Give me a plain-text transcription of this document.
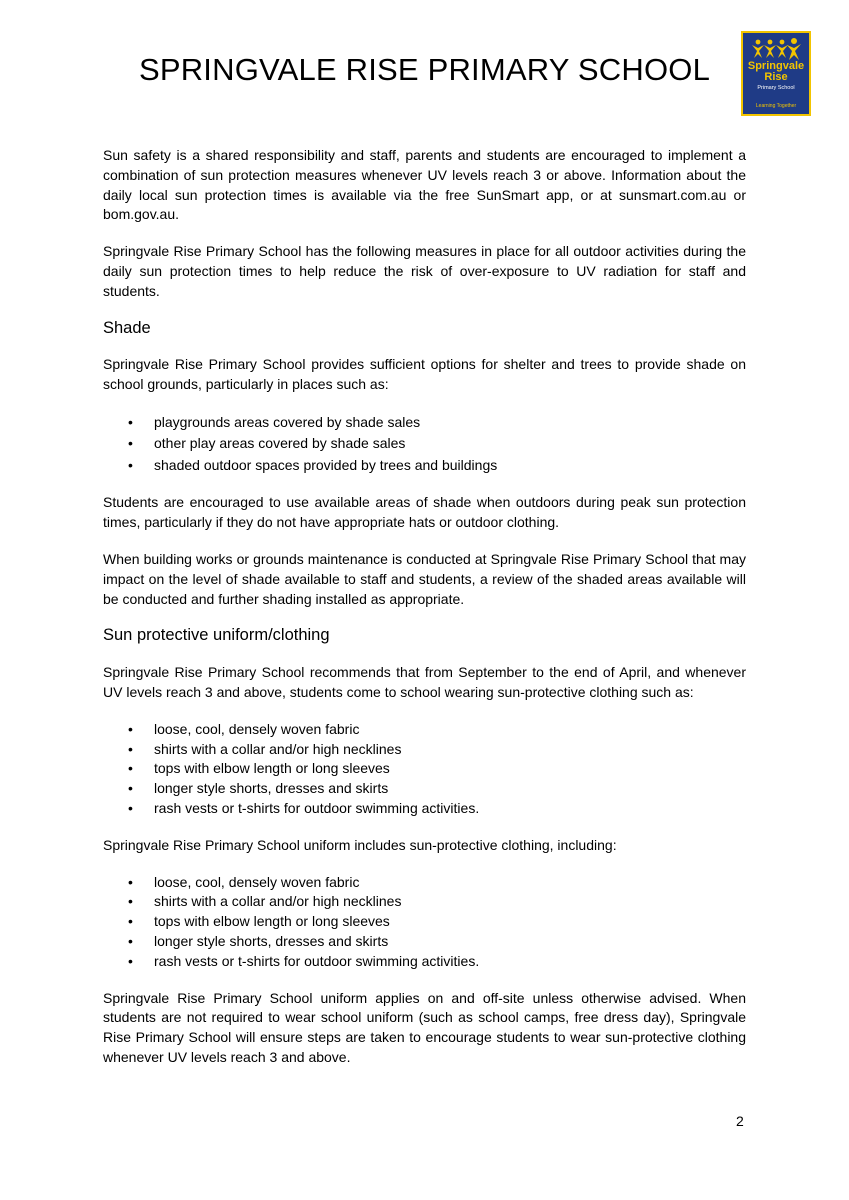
SPRINGVALE RISE PRIMARY SCHOOL	Springvale
Rise
Primary School
Learning Together

Sun safety is a shared responsibility and staff, parents and students are encouraged to implement a combination of sun protection measures whenever UV levels reach 3 or above. Information about the daily local sun protection times is available via the free SunSmart app, or at sunsmart.com.au or bom.gov.au.

Springvale Rise Primary School has the following measures in place for all outdoor activities during the daily sun protection times to help reduce the risk of over-exposure to UV radiation for staff and students.

Shade

Springvale Rise Primary School provides sufficient options for shelter and trees to provide shade on school grounds, particularly in places such as:

• playgrounds areas covered by shade sales
• other play areas covered by shade sales
• shaded outdoor spaces provided by trees and buildings

Students are encouraged to use available areas of shade when outdoors during peak sun protection times, particularly if they do not have appropriate hats or outdoor clothing.

When building works or grounds maintenance is conducted at Springvale Rise Primary School that may impact on the level of shade available to staff and students, a review of the shaded areas available will be conducted and further shading installed as appropriate.

Sun protective uniform/clothing

Springvale Rise Primary School recommends that from September to the end of April, and whenever UV levels reach 3 and above, students come to school wearing sun-protective clothing such as:

• loose, cool, densely woven fabric
• shirts with a collar and/or high necklines
• tops with elbow length or long sleeves
• longer style shorts, dresses and skirts
• rash vests or t-shirts for outdoor swimming activities.

Springvale Rise Primary School uniform includes sun-protective clothing, including:

• loose, cool, densely woven fabric
• shirts with a collar and/or high necklines
• tops with elbow length or long sleeves
• longer style shorts, dresses and skirts
• rash vests or t-shirts for outdoor swimming activities.

Springvale Rise Primary School uniform applies on and off-site unless otherwise advised. When students are not required to wear school uniform (such as school camps, free dress day), Springvale Rise Primary School will ensure steps are taken to encourage students to wear sun-protective clothing whenever UV levels reach 3 and above.

2
